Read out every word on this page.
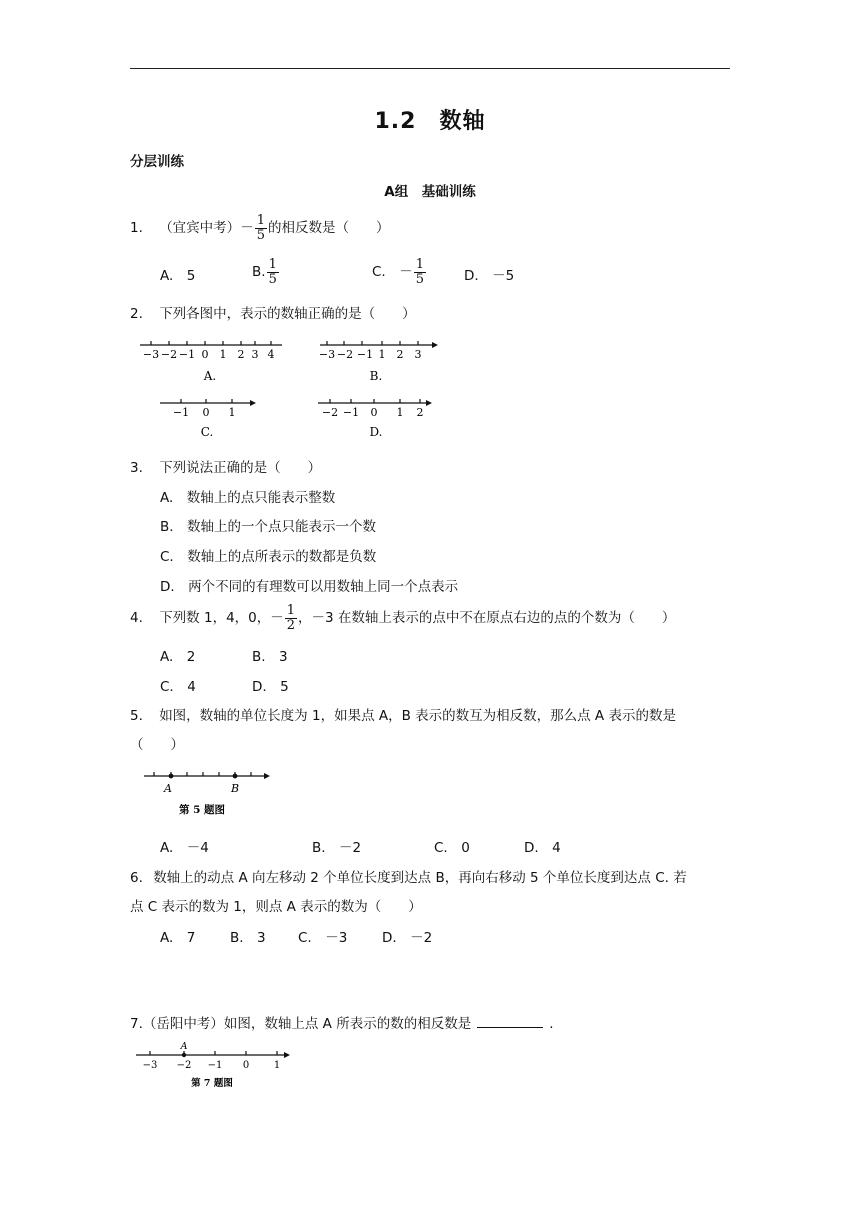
1.2　数轴
分层训练
A组　基础训练
1. （宜宾中考）－ $\frac{1}{5}$ 的相反数是（　　）
A.　5	B. $\frac{1}{5}$	C.　－ $\frac{1}{5}$	D.　－5
2. 下列各图中，表示的数轴正确的是（　　）
−3 −2 −1 0 1 2 3 4
A.
−3 −2 −1 1 2 3
B.
−1 0 1
C.
−2 −1 0 1 2
D.
3. 下列说法正确的是（　　）
A.　数轴上的点只能表示整数
B.　数轴上的一个点只能表示一个数
C.　数轴上的点所表示的数都是负数
D.　两个不同的有理数可以用数轴上同一个点表示
4. 下列数 1，4，0，－ $\frac{1}{2}$ ，－3 在数轴上表示的点中不在原点右边的点的个数为（　　）
A.　2	B.　3
C.　4	D.　5
5. 如图，数轴的单位长度为 1，如果点 A，B 表示的数互为相反数，那么点 A 表示的数是
（　　）
A	B
第 5 题图
A.　－4	B.　－2	C.　0	D.　4
6. 数轴上的动点 A 向左移动 2 个单位长度到达点 B，再向右移动 5 个单位长度到达点 C. 若
点 C 表示的数为 1，则点 A 表示的数为（　　）
A.　7	B.　3 C.　－3	D.　－2
7.（岳阳中考）如图，数轴上点 A 所表示的数的相反数是	.
A
−3 −2 −1 0 1
第 7 题图
